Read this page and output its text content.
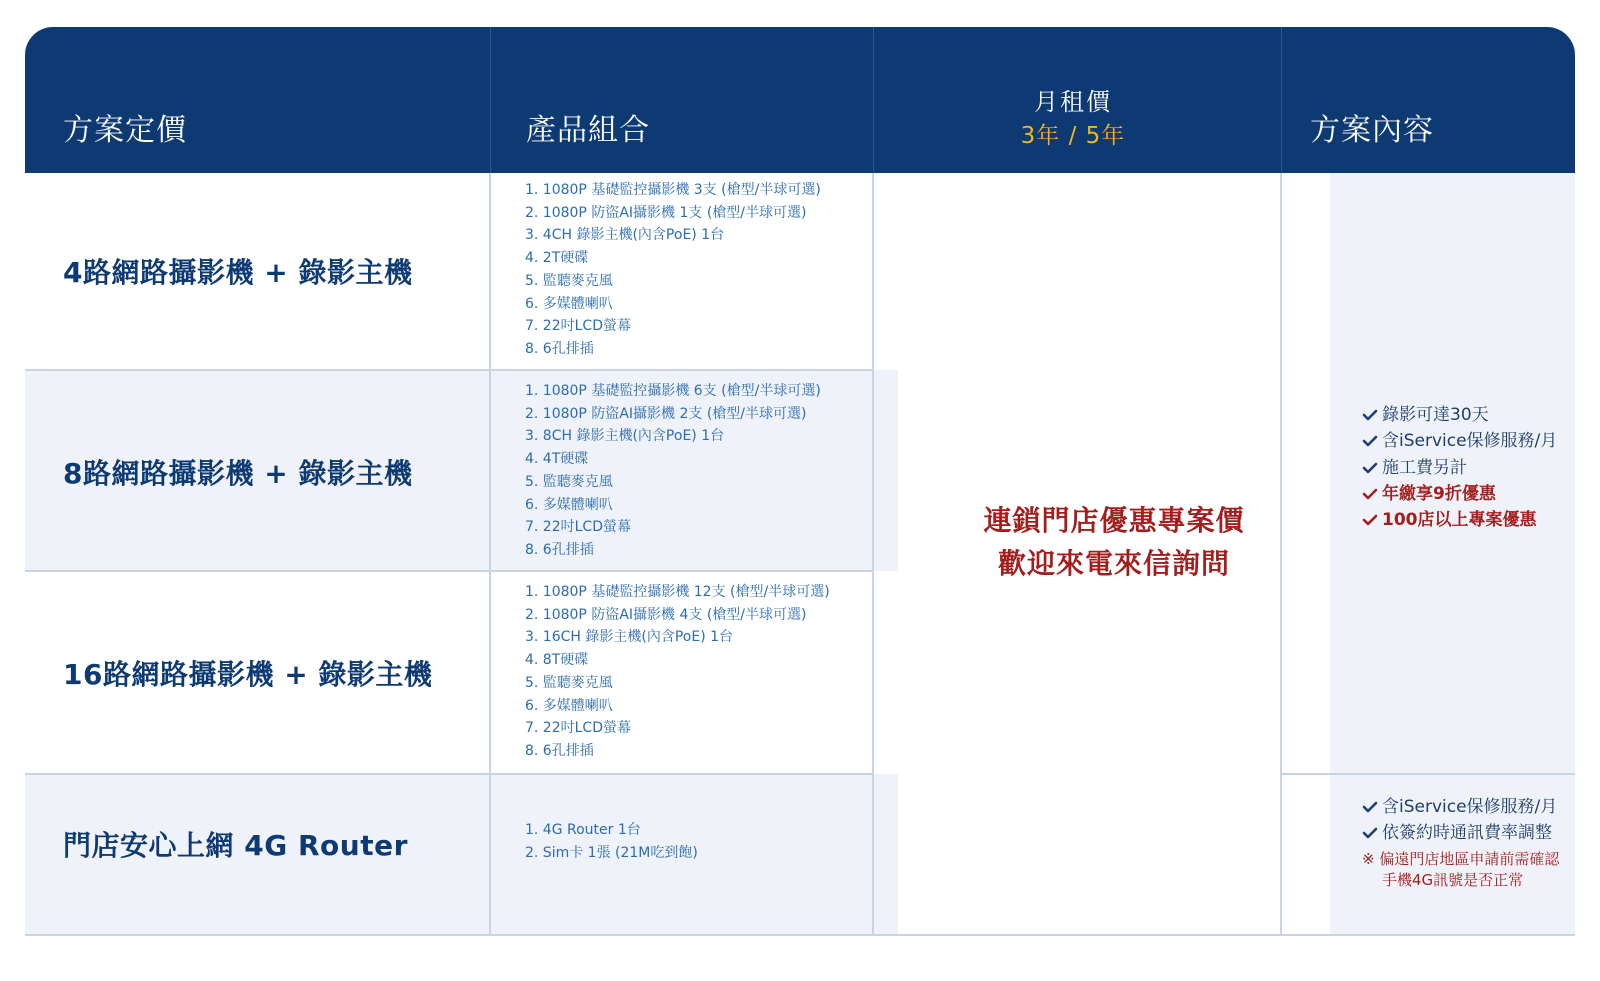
方案定價	產品組合
月租價
3年 / 5年	方案內容
4路網路攝影機 + 錄影主機
8路網路攝影機 + 錄影主機
16路網路攝影機 + 錄影主機
門店安心上網 4G Router
1. 1080P 基礎監控攝影機 3支 (槍型/半球可選)
2. 1080P 防盜AI攝影機 1支 (槍型/半球可選)
3. 4CH 錄影主機(內含PoE) 1台
4. 2T硬碟
5. 監聽麥克風
6. 多媒體喇叭
7. 22吋LCD螢幕
8. 6孔排插
1. 1080P 基礎監控攝影機 6支 (槍型/半球可選)
2. 1080P 防盜AI攝影機 2支 (槍型/半球可選)
3. 8CH 錄影主機(內含PoE) 1台
4. 4T硬碟
5. 監聽麥克風
6. 多媒體喇叭
7. 22吋LCD螢幕
8. 6孔排插
1. 1080P 基礎監控攝影機 12支 (槍型/半球可選)
2. 1080P 防盜AI攝影機 4支 (槍型/半球可選)
3. 16CH 錄影主機(內含PoE) 1台
4. 8T硬碟
5. 監聽麥克風
6. 多媒體喇叭
7. 22吋LCD螢幕
8. 6孔排插
1. 4G Router 1台
2. Sim卡 1張 (21M吃到飽)
連鎖門店優惠專案價
歡迎來電來信詢問
錄影可達30天
含iService保修服務/月
施工費另計
年繳享9折優惠
100店以上專案優惠
含iService保修服務/月
依簽約時通訊費率調整
※ 偏遠門店地區申請前需確認
手機4G訊號是否正常
